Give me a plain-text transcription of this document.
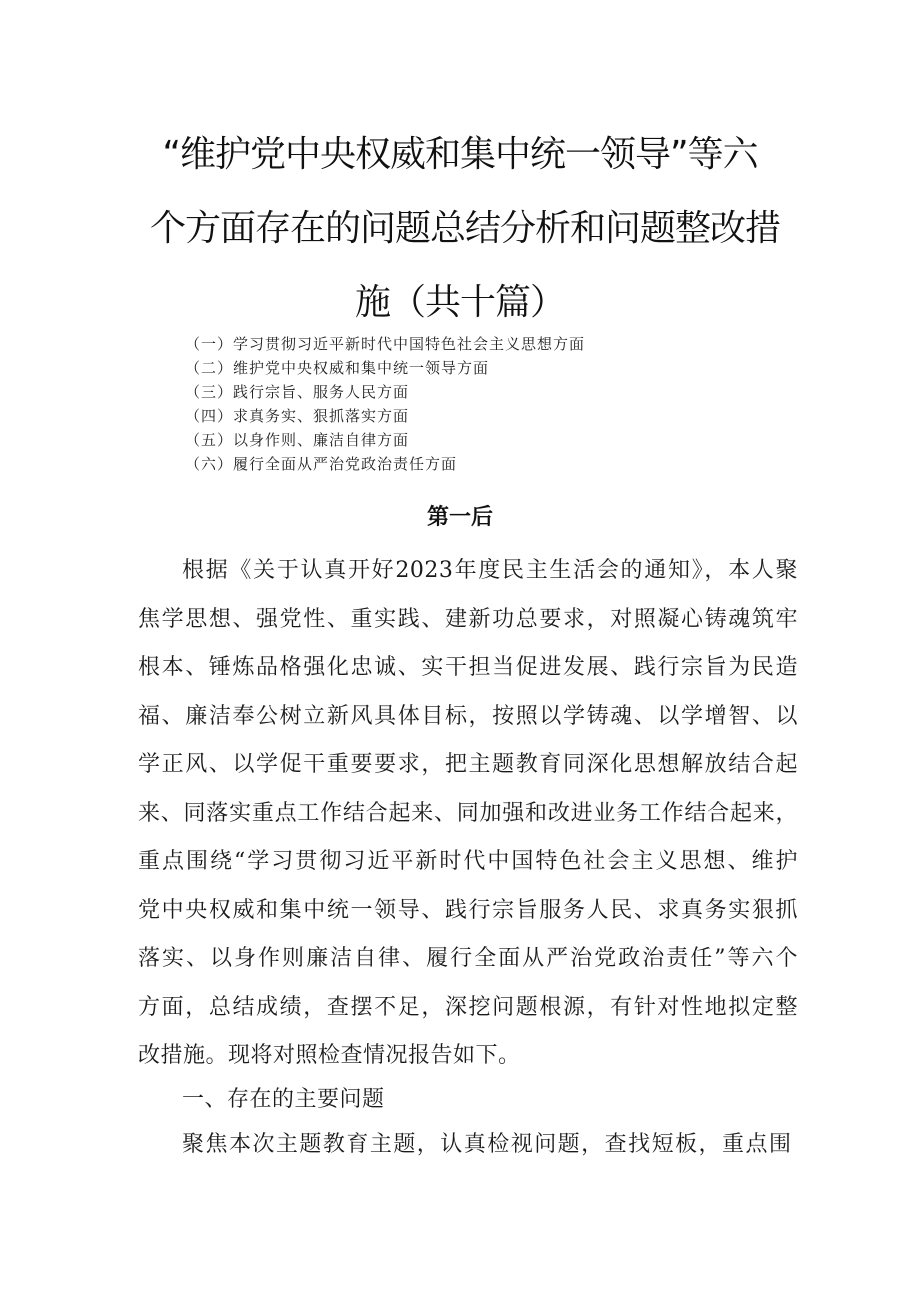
“维护党中央权威和集中统一领导”等六
个方面存在的问题总结分析和问题整改措
施（共十篇）
（一）学习贯彻习近平新时代中国特色社会主义思想方面
（二）维护党中央权威和集中统一领导方面
（三）践行宗旨、服务人民方面
（四）求真务实、狠抓落实方面
（五）以身作则、廉洁自律方面
（六）履行全面从严治党政治责任方面
第一后
根据《关于认真开好2023年度民主生活会的通知》，本人聚
焦学思想、强党性、重实践、建新功总要求，对照凝心铸魂筑牢
根本、锤炼品格强化忠诚、实干担当促进发展、践行宗旨为民造
福、廉洁奉公树立新风具体目标，按照以学铸魂、以学增智、以
学正风、以学促干重要要求，把主题教育同深化思想解放结合起
来、同落实重点工作结合起来、同加强和改进业务工作结合起来，
重点围绕“学习贯彻习近平新时代中国特色社会主义思想、维护
党中央权威和集中统一领导、践行宗旨服务人民、求真务实狠抓
落实、以身作则廉洁自律、履行全面从严治党政治责任”等六个
方面，总结成绩，查摆不足，深挖问题根源，有针对性地拟定整
改措施。现将对照检查情况报告如下。
一、存在的主要问题
聚焦本次主题教育主题，认真检视问题，查找短板，重点围
